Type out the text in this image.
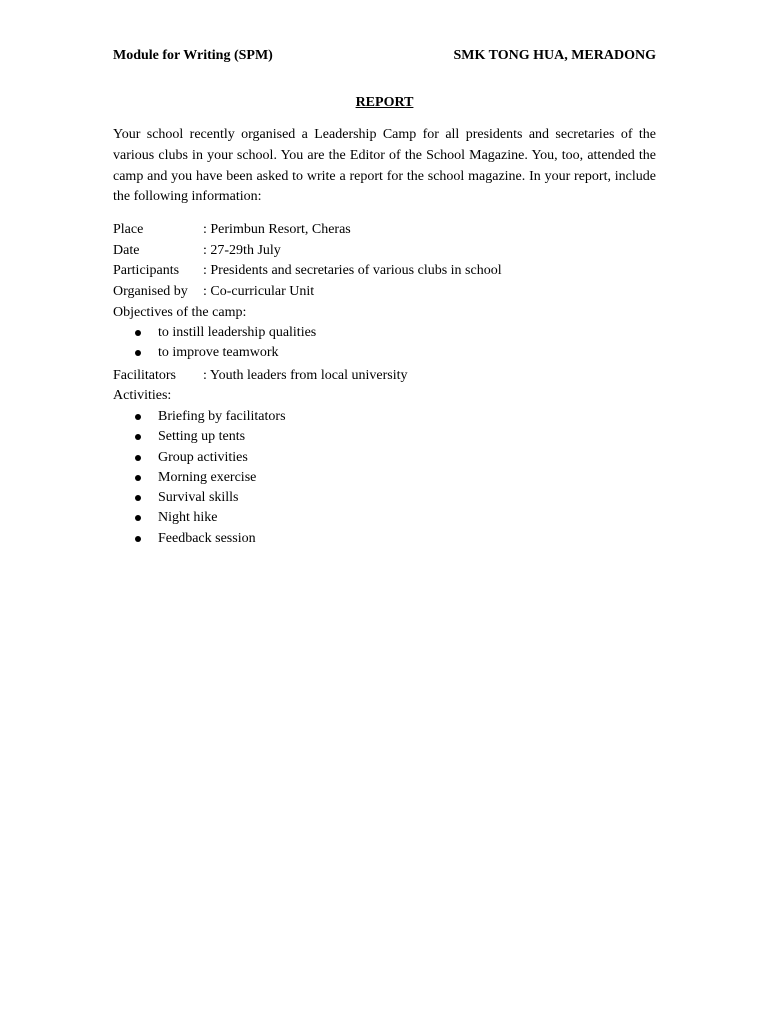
Module for Writing (SPM)	SMK TONG HUA, MERADONG
REPORT
Your school recently organised a Leadership Camp for all presidents and secretaries of the various clubs in your school. You are the Editor of the School Magazine. You, too, attended the camp and you have been asked to write a report for the school magazine. In your report, include the following information:
Place	: Perimbun Resort, Cheras
Date	: 27-29th July
Participants	: Presidents and secretaries of various clubs in school
Organised by	: Co-curricular Unit
Objectives of the camp:
to instill leadership qualities
to improve teamwork
Facilitators	: Youth leaders from local university
Activities:
Briefing by facilitators
Setting up tents
Group activities
Morning exercise
Survival skills
Night hike
Feedback session
